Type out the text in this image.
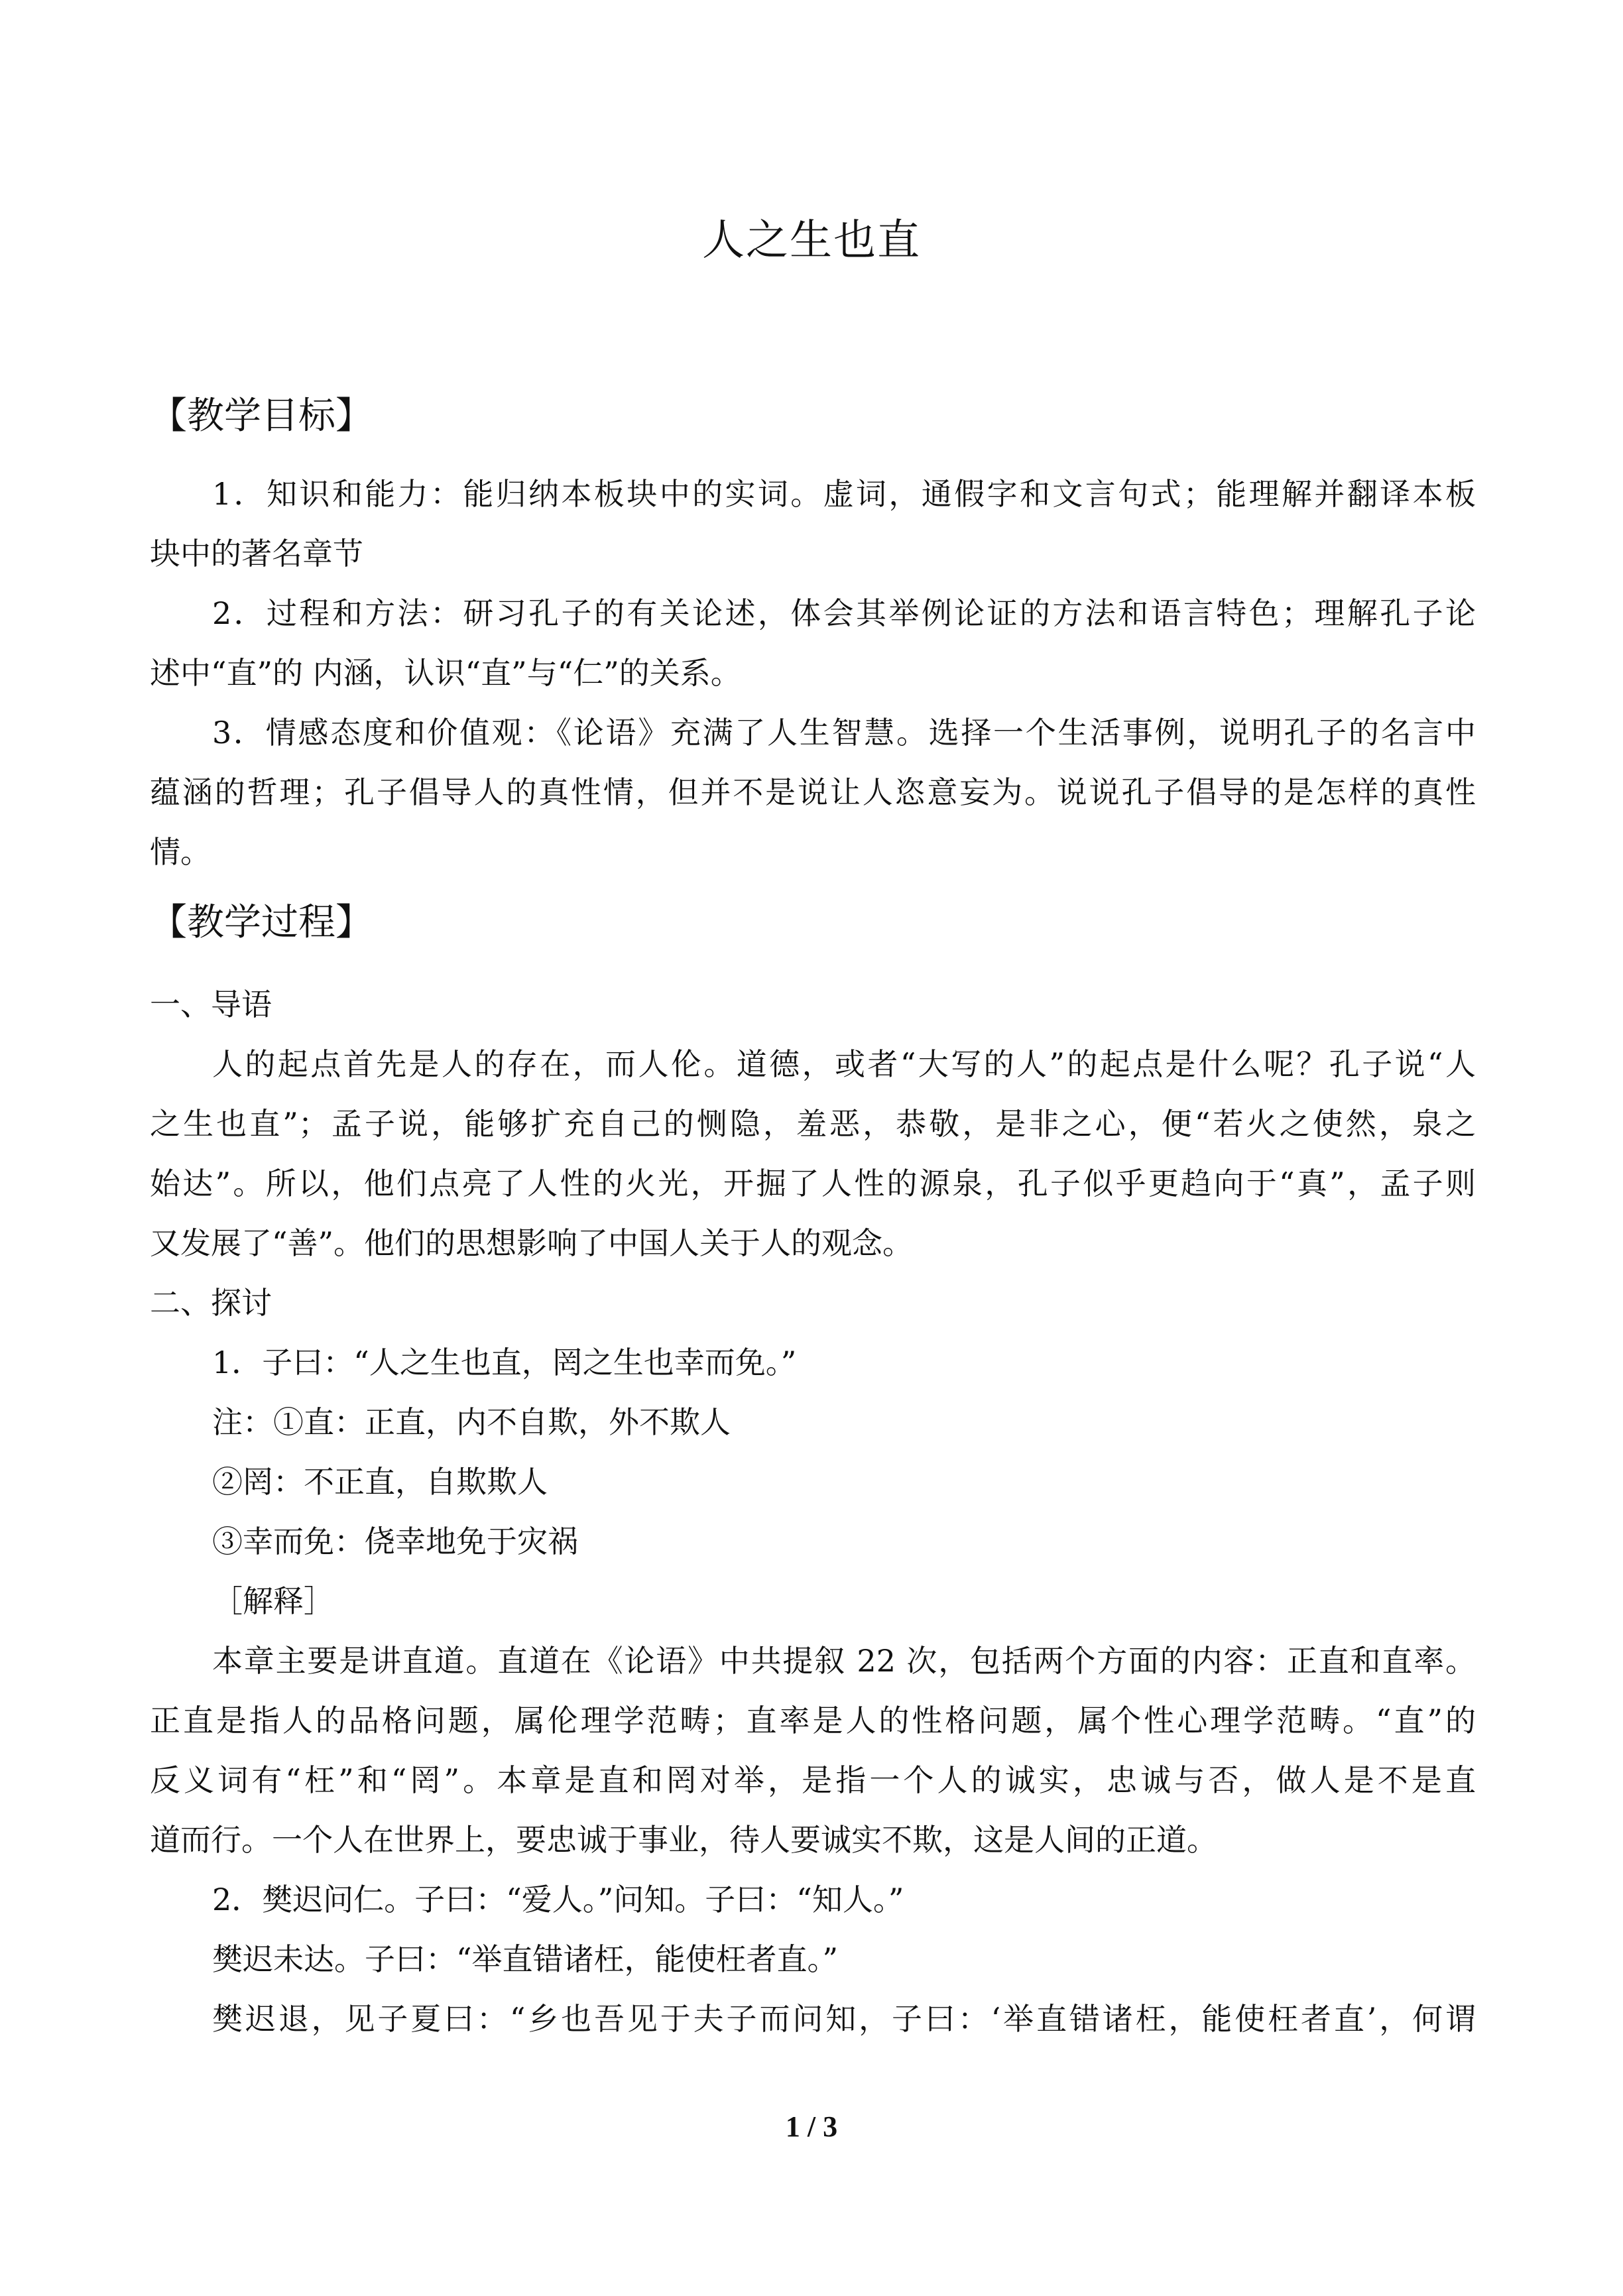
人之生也直
【教学目标】
1．知识和能力：能归纳本板块中的实词。虚词，通假字和文言句式；能理解并翻译本板
块中的著名章节
2．过程和方法：研习孔子的有关论述，体会其举例论证的方法和语言特色；理解孔子论
述中“直”的 内涵，认识“直”与“仁”的关系。
3．情感态度和价值观：《论语》充满了人生智慧。选择一个生活事例，说明孔子的名言中
蕴涵的哲理；孔子倡导人的真性情，但并不是说让人恣意妄为。说说孔子倡导的是怎样的真性
情。
【教学过程】
一、导语
人的起点首先是人的存在，而人伦。道德，或者“大写的人”的起点是什么呢？孔子说“人
之生也直”；孟子说，能够扩充自己的恻隐，羞恶，恭敬，是非之心，便“若火之使然，泉之
始达”。所以，他们点亮了人性的火光，开掘了人性的源泉，孔子似乎更趋向于“真”，孟子则
又发展了“善”。他们的思想影响了中国人关于人的观念。
二、探讨
1．子曰：“人之生也直，罔之生也幸而免。”
注：①直：正直，内不自欺，外不欺人
②罔：不正直，自欺欺人
③幸而免：侥幸地免于灾祸
［解释］
本章主要是讲直道。直道在《论语》中共提叙 22 次，包括两个方面的内容：正直和直率。
正直是指人的品格问题，属伦理学范畴；直率是人的性格问题，属个性心理学范畴。“直”的
反义词有“枉”和“罔”。本章是直和罔对举，是指一个人的诚实，忠诚与否，做人是不是直
道而行。一个人在世界上，要忠诚于事业，待人要诚实不欺，这是人间的正道。
2．樊迟问仁。子曰：“爱人。”问知。子曰：“知人。”
樊迟未达。子曰：“举直错诸枉，能使枉者直。”
樊迟退，见子夏曰：“乡也吾见于夫子而问知，子曰：‘举直错诸枉，能使枉者直’，何谓
1 / 3
